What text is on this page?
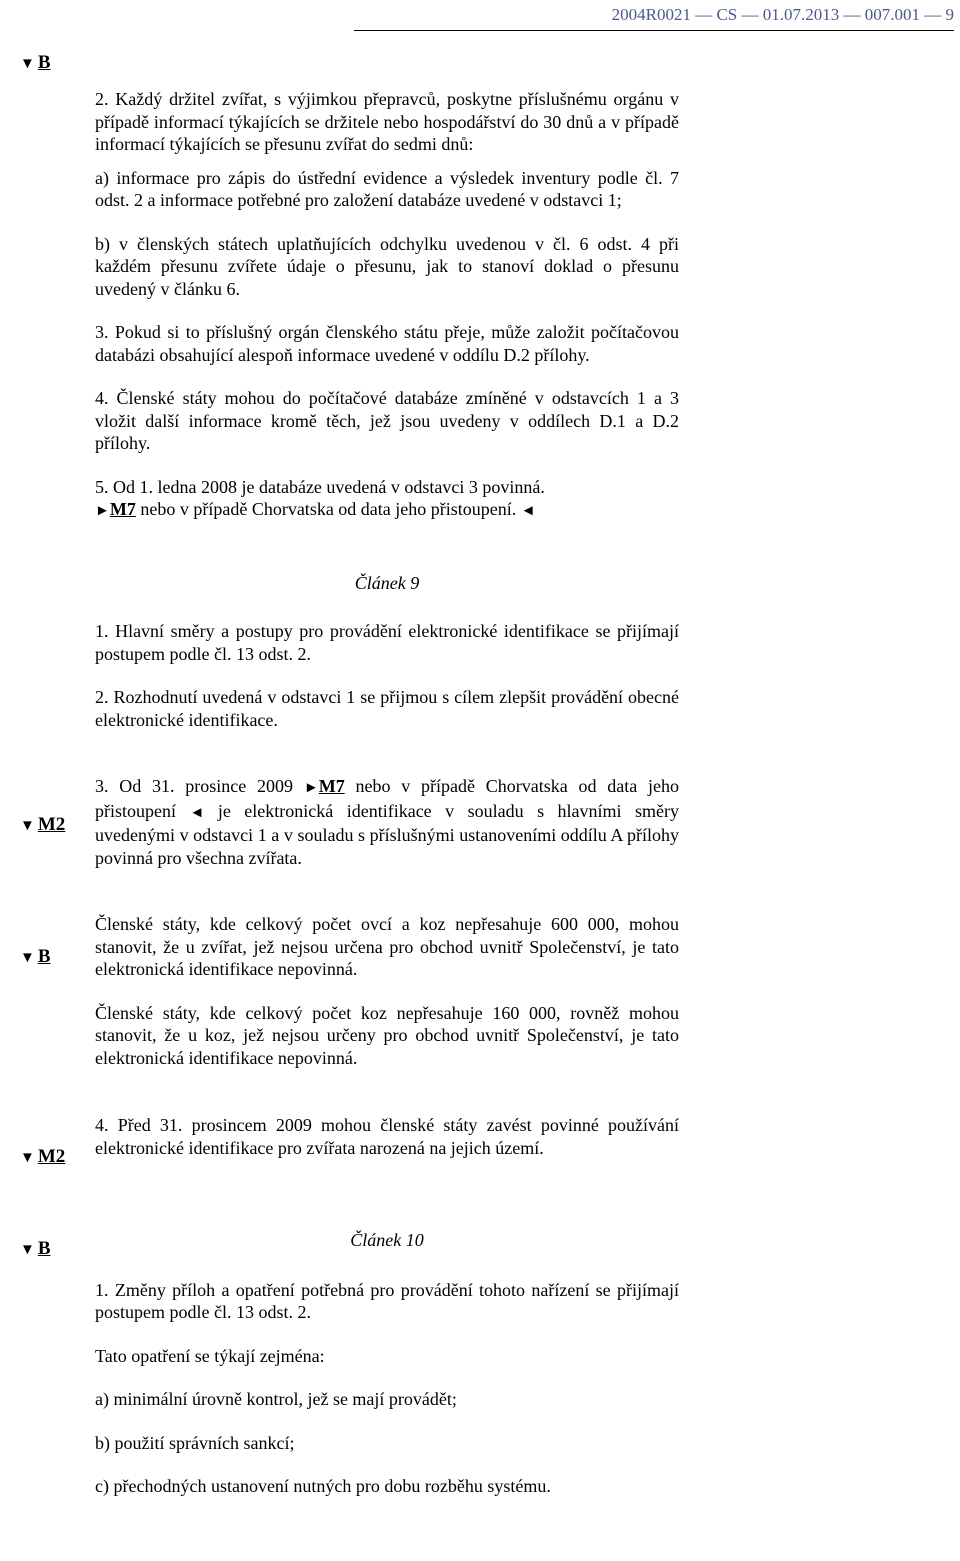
2004R0021 — CS — 01.07.2013 — 007.001 — 9
▼ B
▼ M2
▼ B
▼ M2
▼ B

2. Každý držitel zvířat, s výjimkou přepravců, poskytne příslušnému orgánu v případě informací týkajících se držitele nebo hospodářství do 30 dnů a v případě informací týkajících se přesunu zvířat do sedmi dnů:

a) informace pro zápis do ústřední evidence a výsledek inventury podle čl. 7 odst. 2 a informace potřebné pro založení databáze uvedené v odstavci 1;

b) v členských státech uplatňujících odchylku uvedenou v čl. 6 odst. 4 při každém přesunu zvířete údaje o přesunu, jak to stanoví doklad o přesunu uvedený v článku 6.

3. Pokud si to příslušný orgán členského státu přeje, může založit počítačovou databázi obsahující alespoň informace uvedené v oddílu D.2 přílohy.

4. Členské státy mohou do počítačové databáze zmíněné v odstavcích 1 a 3 vložit další informace kromě těch, jež jsou uvedeny v oddílech D.1 a D.2 přílohy.

5. Od 1. ledna 2008 je databáze uvedená v odstavci 3 povinná.
►M7 nebo v případě Chorvatska od data jeho přistoupení. ◄

Článek 9

1. Hlavní směry a postupy pro provádění elektronické identifikace se přijímají postupem podle čl. 13 odst. 2.

2. Rozhodnutí uvedená v odstavci 1 se přijmou s cílem zlepšit provádění obecné elektronické identifikace.

3. Od 31. prosince 2009 ►M7 nebo v případě Chorvatska od data jeho přistoupení ◄ je elektronická identifikace v souladu s hlavními směry uvedenými v odstavci 1 a v souladu s příslušnými ustanoveními oddílu A přílohy povinná pro všechna zvířata.

Členské státy, kde celkový počet ovcí a koz nepřesahuje 600 000, mohou stanovit, že u zvířat, jež nejsou určena pro obchod uvnitř Společenství, je tato elektronická identifikace nepovinná.

Členské státy, kde celkový počet koz nepřesahuje 160 000, rovněž mohou stanovit, že u koz, jež nejsou určeny pro obchod uvnitř Společenství, je tato elektronická identifikace nepovinná.

4. Před 31. prosincem 2009 mohou členské státy zavést povinné používání elektronické identifikace pro zvířata narozená na jejich území.

Článek 10

1. Změny příloh a opatření potřebná pro provádění tohoto nařízení se přijímají postupem podle čl. 13 odst. 2.

Tato opatření se týkají zejména:

a) minimální úrovně kontrol, jež se mají provádět;

b) použití správních sankcí;

c) přechodných ustanovení nutných pro dobu rozběhu systému.
